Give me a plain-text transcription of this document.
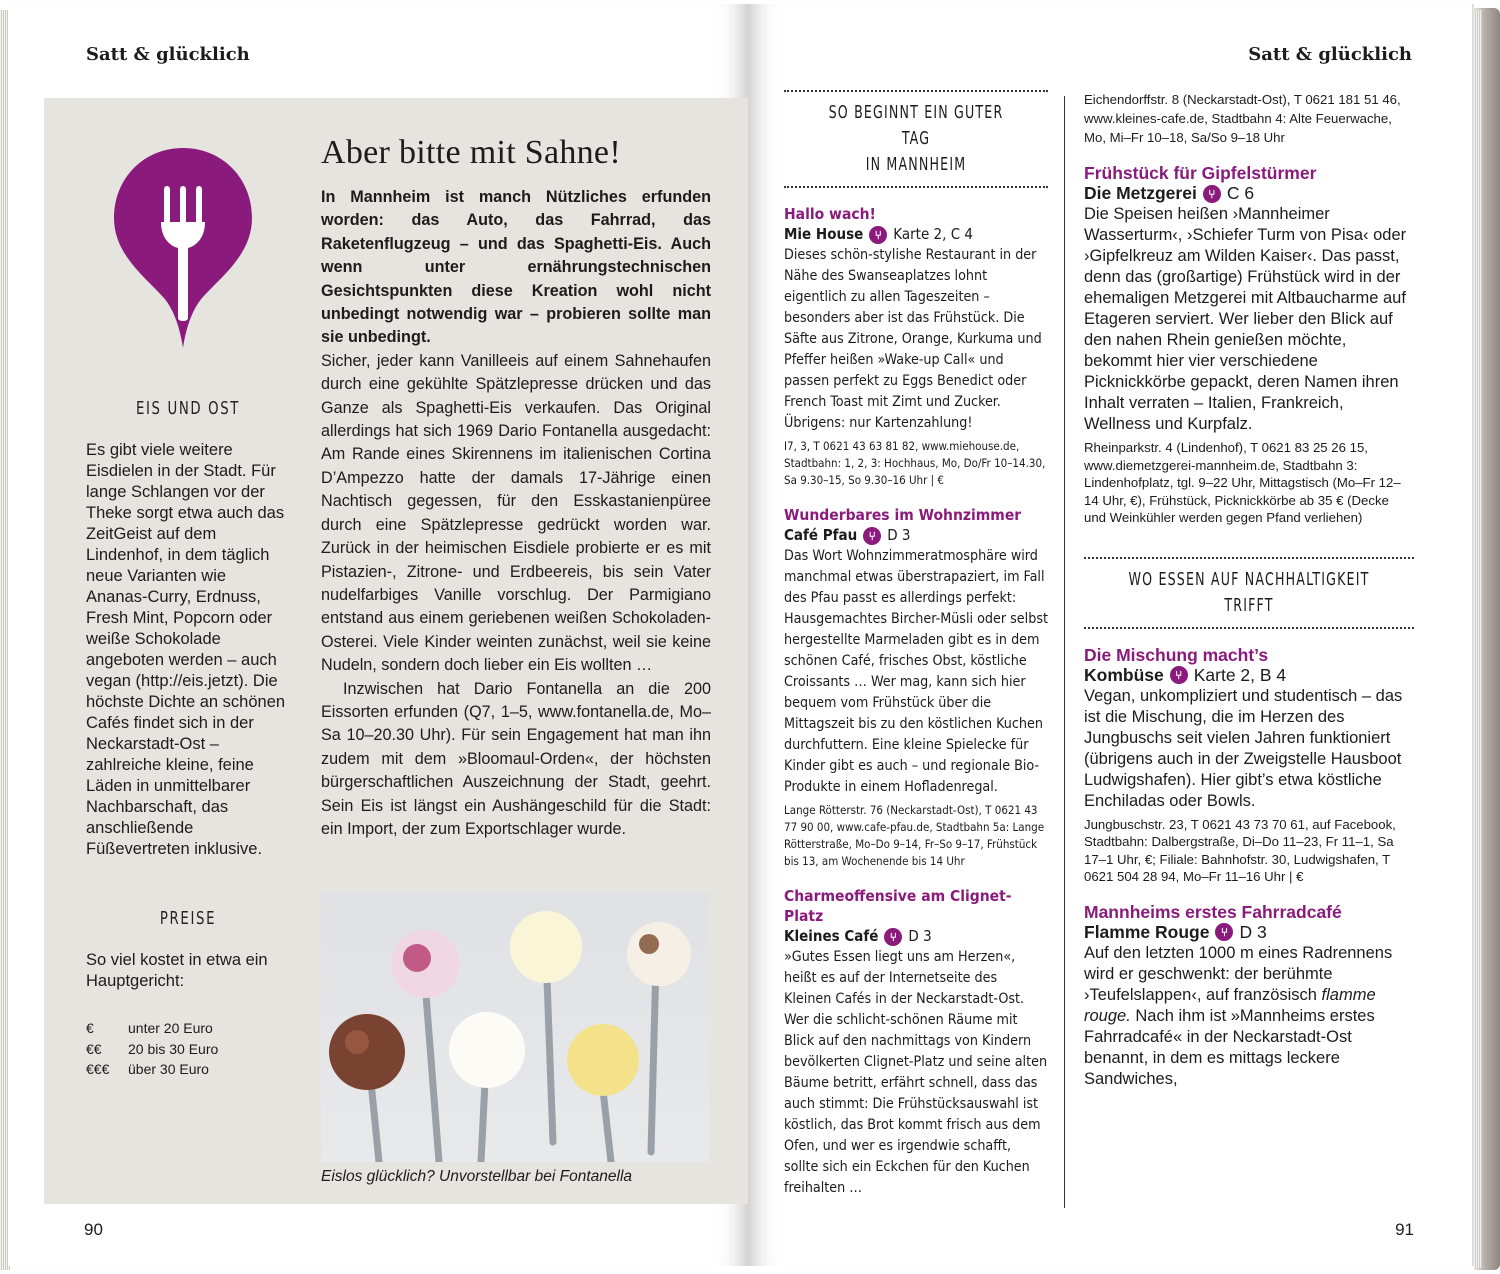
Satt & glücklich
EIS UND OST
Es gibt viele weitere Eisdielen in der Stadt. Für lange Schlangen vor der Theke sorgt etwa auch das ZeitGeist auf dem Lindenhof, in dem täglich neue Varianten wie Ananas-Curry, Erdnuss, Fresh Mint, Popcorn oder weiße Schokolade angeboten werden – auch vegan (http://eis.jetzt). Die höchste Dichte an schönen Cafés findet sich in der Neckarstadt-Ost – zahlreiche kleine, feine Läden in unmittelbarer Nachbarschaft, das anschließende Füßevertreten inklusive.
PREISE
So viel kostet in etwa ein Hauptgericht:
€	unter 20 Euro
€€	20 bis 30 Euro
€€€	über 30 Euro
Aber bitte mit Sahne!

In Mannheim ist manch Nützliches erfunden worden: das Auto, das Fahrrad, das Raketenflugzeug – und das Spaghetti-Eis. Auch wenn unter ernährungstechnischen Gesichtspunkten diese Kreation wohl nicht unbedingt notwendig war – probieren sollte man sie unbedingt.

Sicher, jeder kann Vanilleeis auf einem Sahnehaufen durch eine gekühlte Spätzlepresse drücken und das Ganze als Spaghetti-Eis verkaufen. Das Original allerdings hat sich 1969 Dario Fontanella ausgedacht: Am Rande eines Skirennens im italienischen Cortina D’Ampezzo hatte der damals 17-Jährige einen Nachtisch gegessen, für den Esskastanienpüree durch eine Spätzlepresse gedrückt worden war. Zurück in der heimischen Eisdiele probierte er es mit Pistazien-, Zitrone- und Erdbeereis, bis sein Vater nudelfarbiges Vanille vorschlug. Der Parmigiano entstand aus einem geriebenen weißen Schokoladen-Osterei. Viele Kinder weinten zunächst, weil sie keine Nudeln, sondern doch lieber ein Eis wollten …

Inzwischen hat Dario Fontanella an die 200 Eissorten erfunden (Q7, 1–5, www.fontanella.de, Mo–Sa 10–20.30 Uhr). Für sein Engagement hat man ihn zudem mit dem »Bloomaul-Orden«, der höchsten bürgerschaftlichen Auszeichnung der Stadt, geehrt. Sein Eis ist längst ein Aushängeschild für die Stadt: ein Import, der zum Exportschlager wurde.

Eislos glücklich? Unvorstellbar bei Fontanella
90
Satt & glücklich
SO BEGINNT EIN GUTER TAG
IN MANNHEIM
Hallo wach!
Mie House ⑂ Karte 2, C 4

Dieses schön-stylishe Restaurant in der Nähe des Swanseaplatzes lohnt eigentlich zu allen Tageszeiten – besonders aber ist das Frühstück. Die Säfte aus Zitrone, Orange, Kurkuma und Pfeffer heißen »Wake-up Call« und passen perfekt zu Eggs Benedict oder French Toast mit Zimt und Zucker. Übrigens: nur Kartenzahlung!

I7, 3, T 0621 43 63 81 82, www.miehouse.de, Stadtbahn: 1, 2, 3: Hochhaus, Mo, Do/Fr 10–14.30, Sa 9.30–15, So 9.30–16 Uhr | €

Wunderbares im Wohnzimmer
Café Pfau ⑂ D 3

Das Wort Wohnzimmeratmosphäre wird manchmal etwas überstrapaziert, im Fall des Pfau passt es allerdings perfekt: Hausgemachtes Bircher-Müsli oder selbst hergestellte Marmeladen gibt es in dem schönen Café, frisches Obst, köstliche Croissants … Wer mag, kann sich hier bequem vom Frühstück über die Mittagszeit bis zu den köstlichen Kuchen durchfuttern. Eine kleine Spielecke für Kinder gibt es auch – und regionale Bio-Produkte in einem Hofladenregal.

Lange Rötterstr. 76 (Neckarstadt-Ost), T 0621 43 77 90 00, www.cafe-pfau.de, Stadtbahn 5a: Lange Rötterstraße, Mo–Do 9–14, Fr–So 9–17, Frühstück bis 13, am Wochenende bis 14 Uhr

Charmeoffensive am Clignet-Platz
Kleines Café ⑂ D 3

»Gutes Essen liegt uns am Herzen«, heißt es auf der Internetseite des Kleinen Cafés in der Neckarstadt-Ost. Wer die schlicht-schönen Räume mit Blick auf den nachmittags von Kindern bevölkerten Clignet-Platz und seine alten Bäume betritt, erfährt schnell, dass das auch stimmt: Die Frühstücksauswahl ist köstlich, das Brot kommt frisch aus dem Ofen, und wer es irgendwie schafft, sollte sich ein Eckchen für den Kuchen freihalten …

Eichendorffstr. 8 (Neckarstadt-Ost), T 0621 181 51 46, www.kleines-cafe.de, Stadtbahn 4: Alte Feuerwache, Mo, Mi–Fr 10–18, Sa/So 9–18 Uhr

Frühstück für Gipfelstürmer
Die Metzgerei ⑂ C 6

Die Speisen heißen ›Mannheimer Wasserturm‹, ›Schiefer Turm von Pisa‹ oder ›Gipfelkreuz am Wilden Kaiser‹. Das passt, denn das (großartige) Frühstück wird in der ehemaligen Metzgerei mit Altbaucharme auf Etageren serviert. Wer lieber den Blick auf den nahen Rhein genießen möchte, bekommt hier vier verschiedene Picknickkörbe gepackt, deren Namen ihren Inhalt verraten – Italien, Frankreich, Wellness und Kurpfalz.

Rheinparkstr. 4 (Lindenhof), T 0621 83 25 26 15, www.diemetzgerei-mannheim.de, Stadtbahn 3: Lindenhofplatz, tgl. 9–22 Uhr, Mittagstisch (Mo–Fr 12–14 Uhr, €), Frühstück, Picknickkörbe ab 35 € (Decke und Weinkühler werden gegen Pfand verliehen)

WO ESSEN AUF NACHHALTIGKEIT
TRIFFT
Die Mischung macht’s
Kombüse ⑂ Karte 2, B 4

Vegan, unkompliziert und studentisch – das ist die Mischung, die im Herzen des Jungbuschs seit vielen Jahren funktioniert (übrigens auch in der Zweigstelle Hausboot Ludwigshafen). Hier gibt’s etwa köstliche Enchiladas oder Bowls.

Jungbuschstr. 23, T 0621 43 73 70 61, auf Facebook, Stadtbahn: Dalbergstraße, Di–Do 11–23, Fr 11–1, Sa 17–1 Uhr, €; Filiale: Bahnhofstr. 30, Ludwigshafen, T 0621 504 28 94, Mo–Fr 11–16 Uhr | €

Mannheims erstes Fahrradcafé
Flamme Rouge ⑂ D 3

Auf den letzten 1000 m eines Radrennens wird er geschwenkt: der berühmte ›Teufelslappen‹, auf französisch flamme rouge. Nach ihm ist »Mannheims erstes Fahrradcafé« in der Neckarstadt-Ost benannt, in dem es mittags leckere Sandwiches,

91
